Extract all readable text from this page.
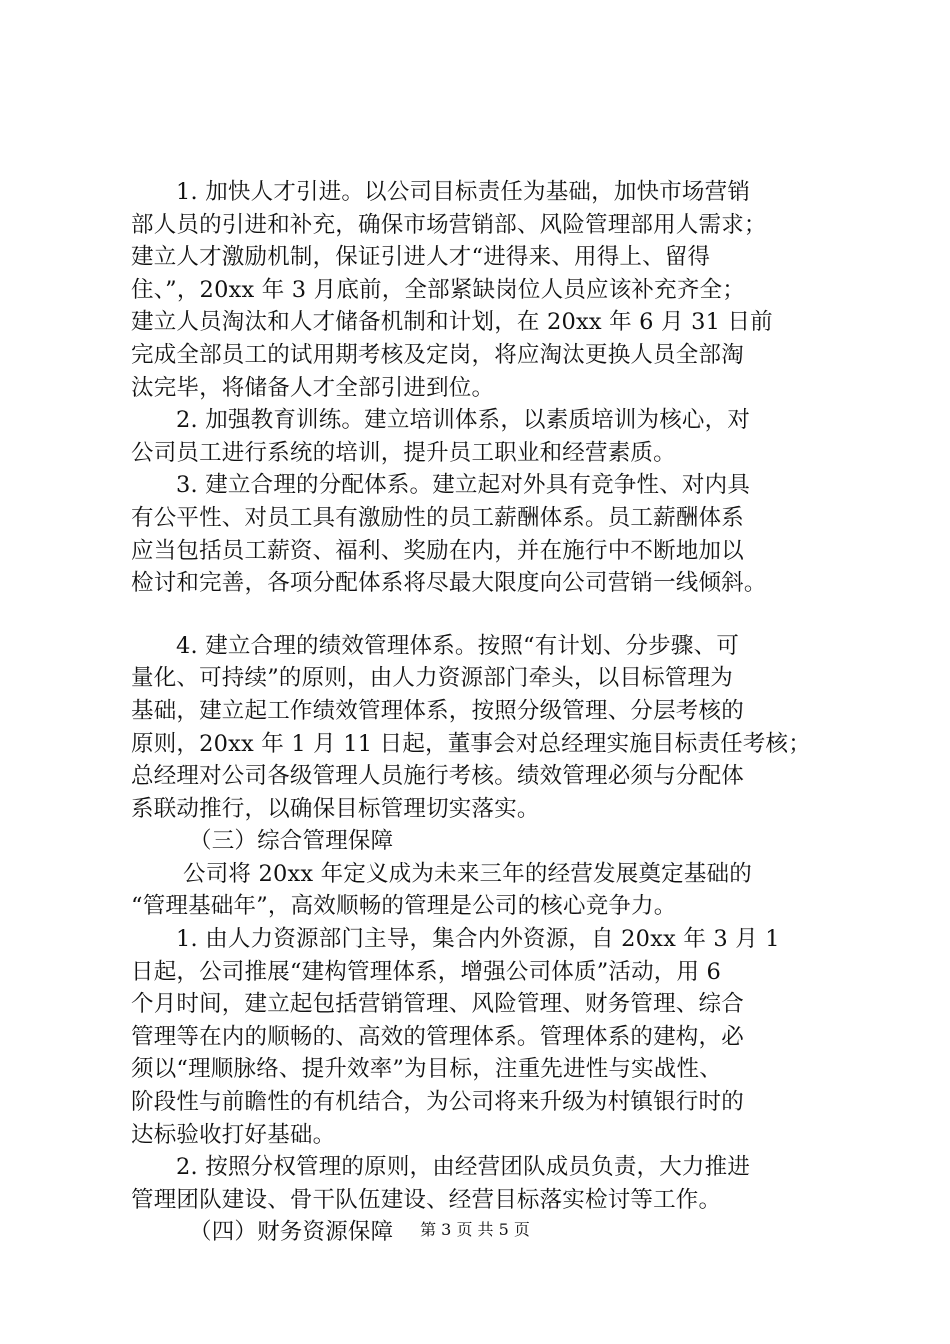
1. 加快人才引进。以公司目标责任为基础，加快市场营销
部人员的引进和补充，确保市场营销部、风险管理部用人需求；
建立人才激励机制，保证引进人才“进得来、用得上、留得
住、”，20xx 年 3 月底前，全部紧缺岗位人员应该补充齐全；
建立人员淘汰和人才储备机制和计划，在 20xx 年 6 月 31 日前
完成全部员工的试用期考核及定岗，将应淘汰更换人员全部淘
汰完毕，将储备人才全部引进到位。
2. 加强教育训练。建立培训体系，以素质培训为核心，对
公司员工进行系统的培训，提升员工职业和经营素质。
3. 建立合理的分配体系。建立起对外具有竞争性、对内具
有公平性、对员工具有激励性的员工薪酬体系。员工薪酬体系
应当包括员工薪资、福利、奖励在内，并在施行中不断地加以
检讨和完善，各项分配体系将尽最大限度向公司营销一线倾斜。
4. 建立合理的绩效管理体系。按照“有计划、分步骤、可
量化、可持续”的原则，由人力资源部门牵头，以目标管理为
基础，建立起工作绩效管理体系，按照分级管理、分层考核的
原则，20xx 年 1 月 11 日起，董事会对总经理实施目标责任考核；
总经理对公司各级管理人员施行考核。绩效管理必须与分配体
系联动推行，以确保目标管理切实落实。
（三）综合管理保障
公司将 20xx 年定义成为未来三年的经营发展奠定基础的
“管理基础年”，高效顺畅的管理是公司的核心竞争力。
1. 由人力资源部门主导，集合内外资源，自 20xx 年 3 月 1
日起，公司推展“建构管理体系，增强公司体质”活动，用 6
个月时间，建立起包括营销管理、风险管理、财务管理、综合
管理等在内的顺畅的、高效的管理体系。管理体系的建构，必
须以“理顺脉络、提升效率”为目标，注重先进性与实战性、
阶段性与前瞻性的有机结合，为公司将来升级为村镇银行时的
达标验收打好基础。
2. 按照分权管理的原则，由经营团队成员负责，大力推进
管理团队建设、骨干队伍建设、经营目标落实检讨等工作。
（四）财务资源保障	第 3 页 共 5 页
